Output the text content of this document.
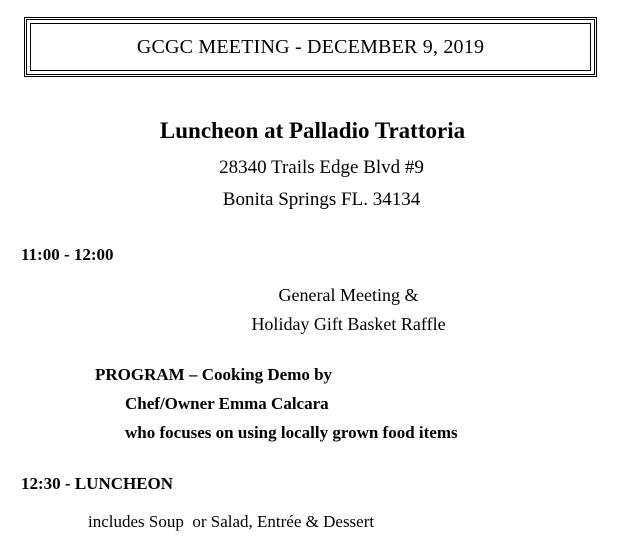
GCGC MEETING - DECEMBER 9, 2019
Luncheon at Palladio Trattoria
28340 Trails Edge Blvd #9
Bonita Springs FL. 34134
11:00 - 12:00
General Meeting &
Holiday Gift Basket Raffle
PROGRAM – Cooking Demo by
Chef/Owner Emma Calcara
who focuses on using locally grown food items
12:30 - LUNCHEON
includes Soup  or Salad, Entrée & Dessert
